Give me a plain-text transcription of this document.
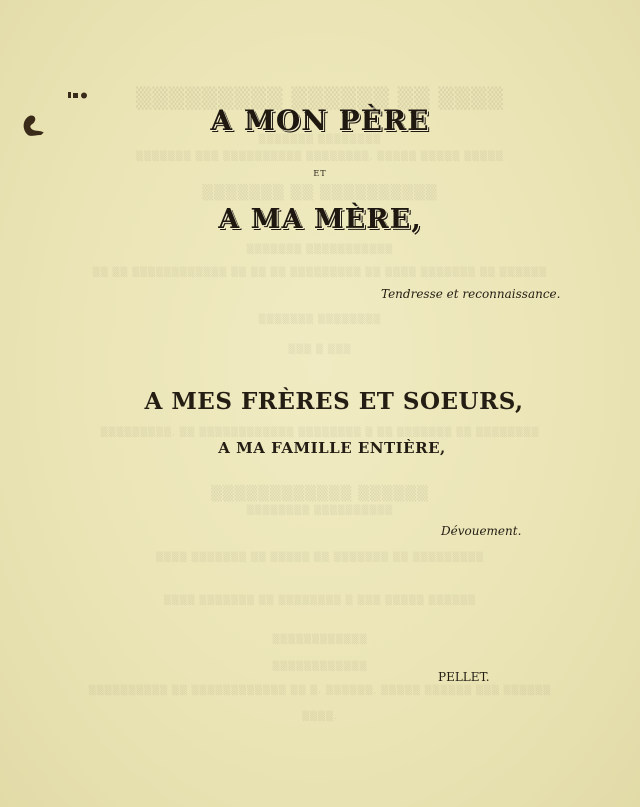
▒▒▒▒▒▒▒▒▒ ▒▒▒▒▒▒ ▒▒ ▒▒▒▒
▒▒▒▒▒▒▒ ▒▒▒▒▒▒▒▒
▒▒▒▒▒▒▒ ▒▒▒ ▒▒▒▒▒▒▒▒▒▒ ▒▒▒▒▒▒▒▒, ▒▒▒▒▒ ▒▒▒▒▒ ▒▒▒▒▒
▒▒▒▒▒▒▒ ▒▒ ▒▒▒▒▒▒▒▒▒▒
▒▒▒▒▒▒▒ ▒▒▒▒▒▒▒▒▒▒▒
▒▒ ▒▒ ▒▒▒▒▒▒▒▒▒▒▒▒ ▒▒ ▒▒ ▒▒ ▒▒▒▒▒▒▒▒▒ ▒▒ ▒▒▒▒ ▒▒▒▒▒▒▒ ▒▒ ▒▒▒▒▒▒
▒▒▒▒▒▒▒ ▒▒▒▒▒▒▒▒
▒▒▒ ▒ ▒▒▒
▒▒▒▒▒▒▒▒▒, ▒▒ ▒▒▒▒▒▒▒▒▒▒▒▒ ▒▒▒▒▒▒▒▒ ▒ ▒▒ ▒▒▒▒▒▒▒ ▒▒ ▒▒▒▒▒▒▒▒
▒▒▒▒▒▒▒▒▒▒▒▒ ▒▒▒▒▒▒
▒▒▒▒▒▒▒▒ ▒▒▒▒▒▒▒▒▒▒
▒▒▒▒ ▒▒▒▒▒▒▒ ▒▒ ▒▒▒▒▒ ▒▒ ▒▒▒▒▒▒▒ ▒▒ ▒▒▒▒▒▒▒▒▒
▒▒▒▒ ▒▒▒▒▒▒▒ ▒▒ ▒▒▒▒▒▒▒▒ ▒ ▒▒▒ ▒▒▒▒▒ ▒▒▒▒▒▒
▒▒▒▒▒▒▒▒▒▒▒▒
▒▒▒▒▒▒▒▒▒▒▒▒
▒▒▒▒▒▒▒▒▒▒ ▒▒ ▒▒▒▒▒▒▒▒▒▒▒▒ ▒▒ ▒. ▒▒▒▒▒▒, ▒▒▒▒▒ ▒▒▒▒▒▒ ▒▒▒ ▒▒▒▒▒▒
▒▒▒▒.
A MON PÈRE
ET
A MA MÈRE,
Tendresse et reconnaissance.
A MES FRÈRES ET SOEURS,
A MA FAMILLE ENTIÈRE,
Dévouement.
PELLET.
